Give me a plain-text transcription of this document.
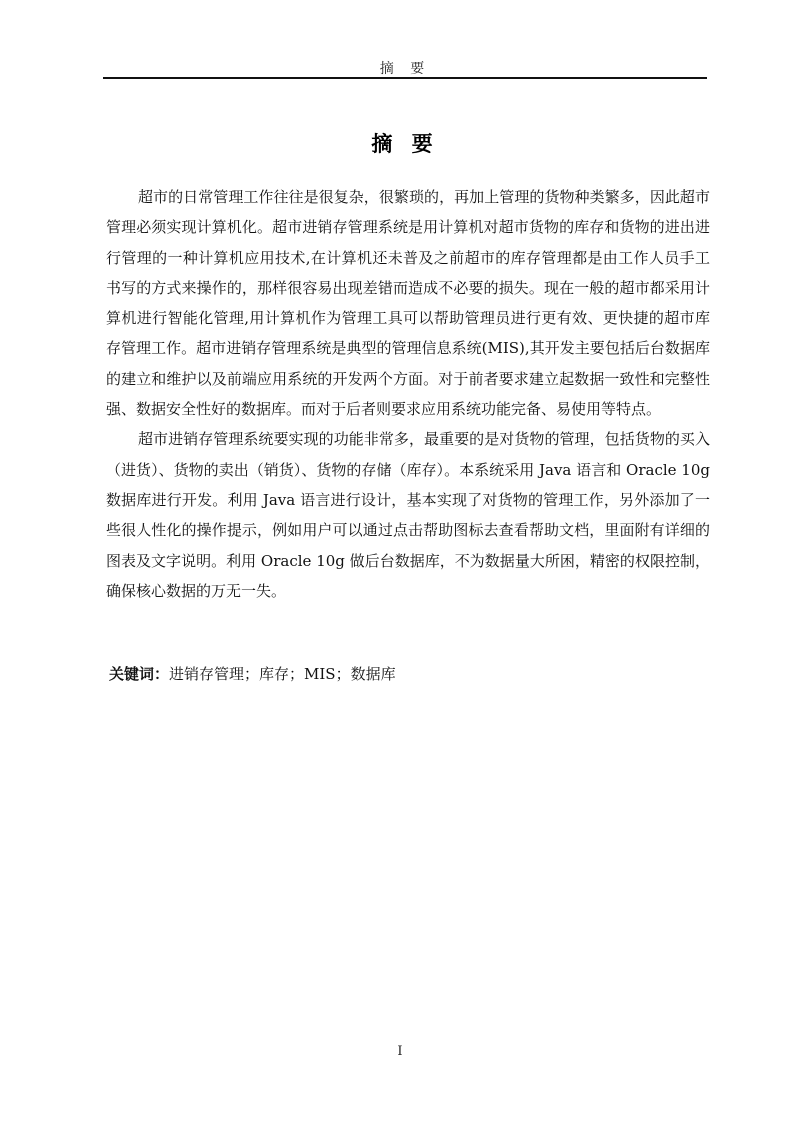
摘 要
摘 要

超市的日常管理工作往往是很复杂，很繁琐的，再加上管理的货物种类繁多，因此超市管理必须实现计算机化。超市进销存管理系统是用计算机对超市货物的库存和货物的进出进行管理的一种计算机应用技术,在计算机还未普及之前超市的库存管理都是由工作人员手工书写的方式来操作的，那样很容易出现差错而造成不必要的损失。现在一般的超市都采用计算机进行智能化管理,用计算机作为管理工具可以帮助管理员进行更有效、更快捷的超市库存管理工作。超市进销存管理系统是典型的管理信息系统(MIS),其开发主要包括后台数据库的建立和维护以及前端应用系统的开发两个方面。对于前者要求建立起数据一致性和完整性强、数据安全性好的数据库。而对于后者则要求应用系统功能完备、易使用等特点。

超市进销存管理系统要实现的功能非常多，最重要的是对货物的管理，包括货物的买入（进货）、货物的卖出（销货）、货物的存储（库存）。本系统采用 Java 语言和 Oracle 10g 数据库进行开发。利用 Java 语言进行设计，基本实现了对货物的管理工作，另外添加了一些很人性化的操作提示，例如用户可以通过点击帮助图标去查看帮助文档，里面附有详细的图表及文字说明。利用 Oracle 10g 做后台数据库，不为数据量大所困，精密的权限控制，确保核心数据的万无一失。

关键词：进销存管理；库存；MIS；数据库
I
